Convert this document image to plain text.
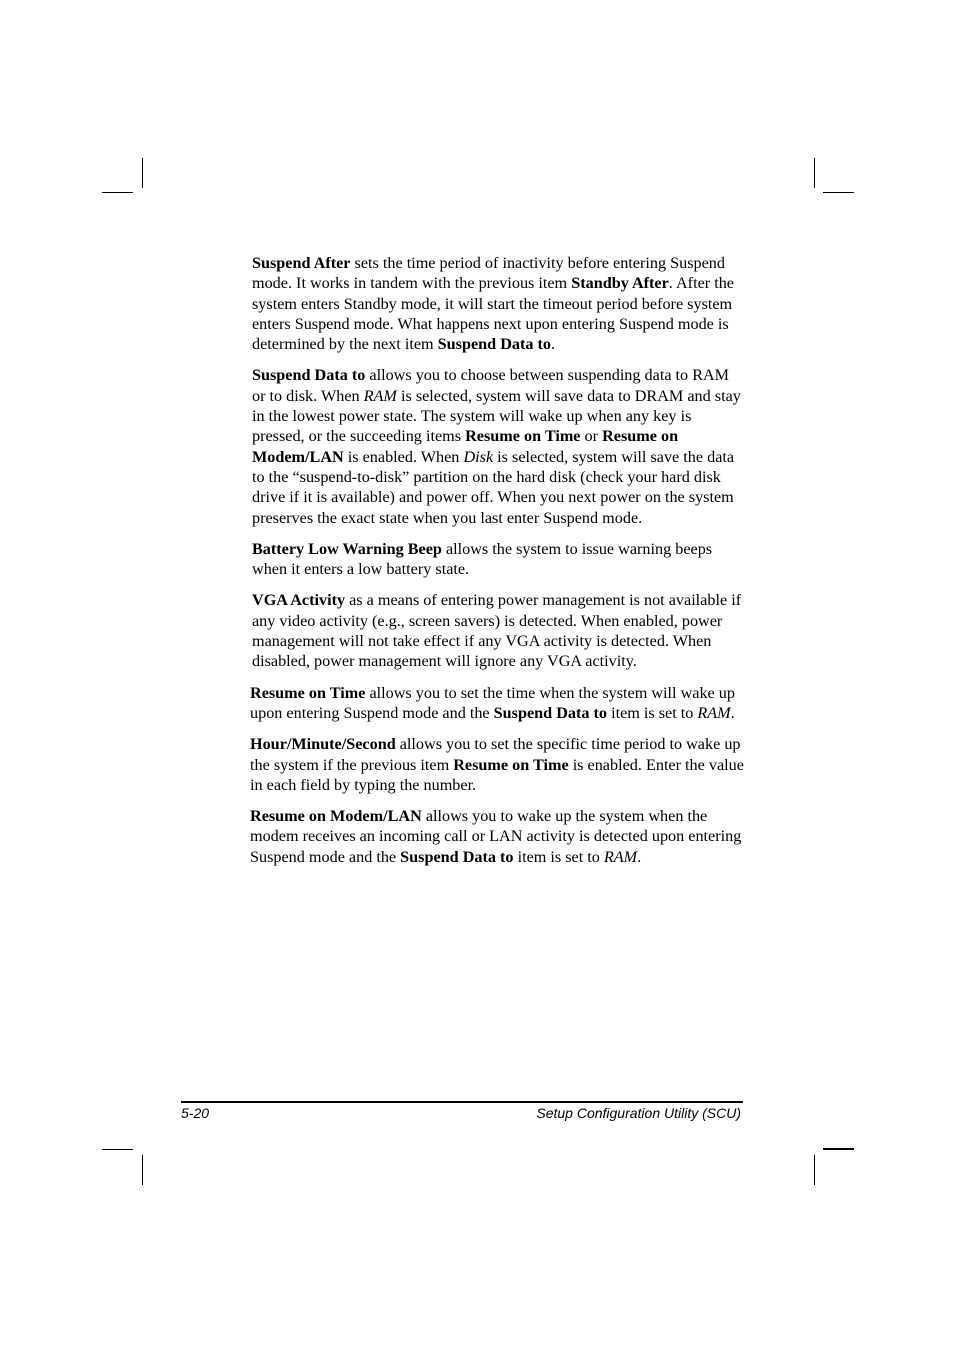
Suspend After sets the time period of inactivity before entering Suspend mode. It works in tandem with the previous item Standby After. After the system enters Standby mode, it will start the timeout period before system enters Suspend mode. What happens next upon entering Suspend mode is determined by the next item Suspend Data to.

Suspend Data to allows you to choose between suspending data to RAM or to disk. When RAM is selected, system will save data to DRAM and stay in the lowest power state. The system will wake up when any key is pressed, or the succeeding items Resume on Time or Resume on Modem/LAN is enabled. When Disk is selected, system will save the data to the “suspend-to-disk” partition on the hard disk (check your hard disk drive if it is available) and power off. When you next power on the system preserves the exact state when you last enter Suspend mode.

Battery Low Warning Beep allows the system to issue warning beeps when it enters a low battery state.

VGA Activity as a means of entering power management is not available if any video activity (e.g., screen savers) is detected. When enabled, power management will not take effect if any VGA activity is detected. When disabled, power management will ignore any VGA activity.

Resume on Time allows you to set the time when the system will wake up upon entering Suspend mode and the Suspend Data to item is set to RAM.

Hour/Minute/Second allows you to set the specific time period to wake up the system if the previous item Resume on Time is enabled. Enter the value in each field by typing the number.

Resume on Modem/LAN allows you to wake up the system when the modem receives an incoming call or LAN activity is detected upon entering Suspend mode and the Suspend Data to item is set to RAM.

5-20	Setup Configuration Utility (SCU)
